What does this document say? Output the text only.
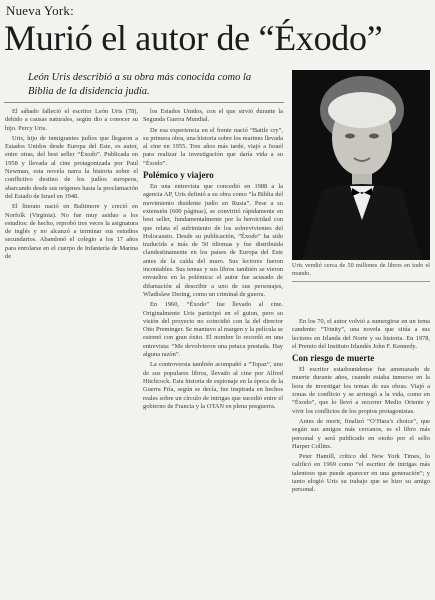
Nueva York:
Murió el autor de “Éxodo”
León Uris describió a su obra más conocida como la Biblia de la disidencia judía.

El sábado falleció el escritor León Uris (78), debido a causas naturales, según dio a conocer su hijo. Percy Uris.

Uris, hijo de inmigrantes judíos que llegaron a Estados Unidos desde Europa del Este, es autor, entre otras, del best seller “Éxodo”. Publicada en 1958 y llevada al cine protagonizada por Paul Newman, esta novela narra la historia sobre el conflictivo destino de los judíos europeos, abarcando desde sus orígenes hasta la proclamación del Estado de Israel en 1948.

El literato nació en Baltimore y creció en Norfolk (Virginia). No fue muy asiduo a los estudios: de hecho, reprobó tres veces la asignatura de inglés y no alcanzó a terminar sus estudios secundarios. Abandonó el colegio a los 17 años para enrolarse en el cuerpo de Infantería de Marina de

los Estados Unidos, con el que sirvió durante la Segunda Guerra Mundial.

De esa experiencia en el frente nació “Battle cry”, su primera obra, una historia sobre los marines llevada al cine en 1955. Tres años más tarde, viajó a Israel para realizar la investigación que daría vida a su “Éxodo”.

Polémico y viajero

En una entrevista que concedió en 1988 a la agencia AP, Uris definió a su obra como “la Biblia del movimiento disidente judío en Rusia”. Pese a su extensión (600 páginas), se convirtió rápidamente en best seller, fundamentalmente por la heroicidad con que relata el sufrimiento de los sobrevivientes del Holocausto. Desde su publicación, “Éxodo” ha sido traducida a más de 50 idiomas y fue distribuida clandestinamente en los países de Europa del Este antes de la caída del muro. Sus lectores fueron incontables. Sus temas y sus libros también se vieron envueltos en la polémica: el autor fue acusado de difamación al describir a uno de sus personajes, Wladislaw Dering, como un criminal de guerra.

En 1960, “Éxodo” fue llevado al cine. Originalmente Uris participó en el guion, pero su visión del proyecto no coincidió con la del director Otto Preminger. Se mantuvo al margen y la película se estrenó con gran éxito. El nombre lo recordó en una entrevista: “Me devolvieron una petaca prestada. Hay alguna razón”.

La controversia también acompañó a “Topaz”, uno de sus populares libros, llevado al cine por Alfred Hitchcock. Esta historia de espionaje en la época de la Guerra Fría, según se decía, fue inspirada en hechos reales sobre un círculo de intrigas que sucedió entre el gobierno de Francia y la OTAN en plena posguerra.

Uris vendió cerca de 50 millones de libros en todo el mundo.

En los 70, el autor volvió a sumergirse en un tema candente: “Trinity”, una novela que sitúa a sus lectores en Irlanda del Norte y su historia. En 1978, el Premio del Instituto Irlandés John F. Kennedy.

Con riesgo de muerte

El escritor estadounidense fue amenazado de muerte durante años, cuando estaba inmerso en la hora de investigar los temas de sus obras. Viajó a zonas de conflicto y se arriesgó a la vida, como en “Éxodo”, que lo llevó a recorrer Medio Oriente y vivir los conflictos de los propios protagonistas.

Antes de morir, finalizó “O’Hara’s choice”, que según sus amigos más cercanos, es el libro más personal y será publicado en otoño por el sello Harper Collins.

Peter Hamill, crítico del New York Times, lo calificó en 1969 como “el escritor de intrigas más talentoso que puede aparecer en una generación”; y tanto elogió Uris su trabajo que se hizo su amigo personal.
